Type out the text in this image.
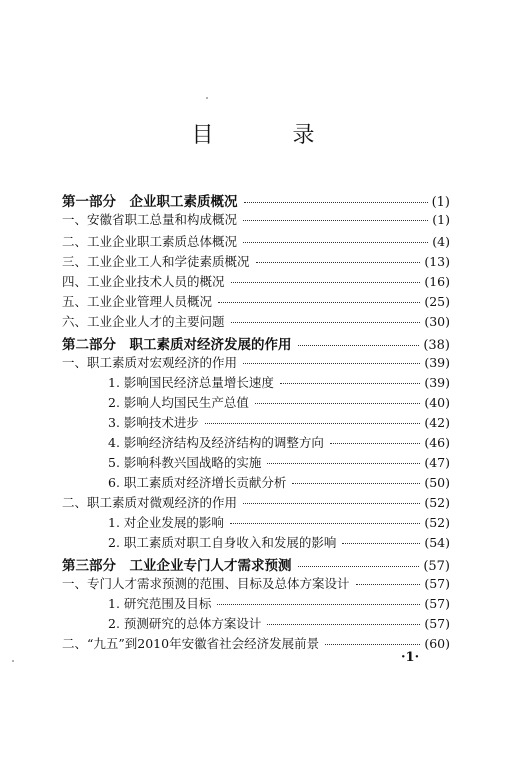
目 录
第一部分　企业职工素质概况	(1)
一、安徽省职工总量和构成概况	(1)
二、工业企业职工素质总体概况	(4)
三、工业企业工人和学徒素质概况	(13)
四、工业企业技术人员的概况	(16)
五、工业企业管理人员概况	(25)
六、工业企业人才的主要问题	(30)
第二部分　职工素质对经济发展的作用	(38)
一、职工素质对宏观经济的作用	(39)
1. 影响国民经济总量增长速度	(39)
2. 影响人均国民生产总值	(40)
3. 影响技术进步	(42)
4. 影响经济结构及经济结构的调整方向	(46)
5. 影响科教兴国战略的实施	(47)
6. 职工素质对经济增长贡献分析	(50)
二、职工素质对微观经济的作用	(52)
1. 对企业发展的影响	(52)
2. 职工素质对职工自身收入和发展的影响	(54)
第三部分　工业企业专门人才需求预测	(57)
一、专门人才需求预测的范围、目标及总体方案设计	(57)
1. 研究范围及目标	(57)
2. 预测研究的总体方案设计	(57)
二、“九五”到2010年安徽省社会经济发展前景	(60)
·1·
